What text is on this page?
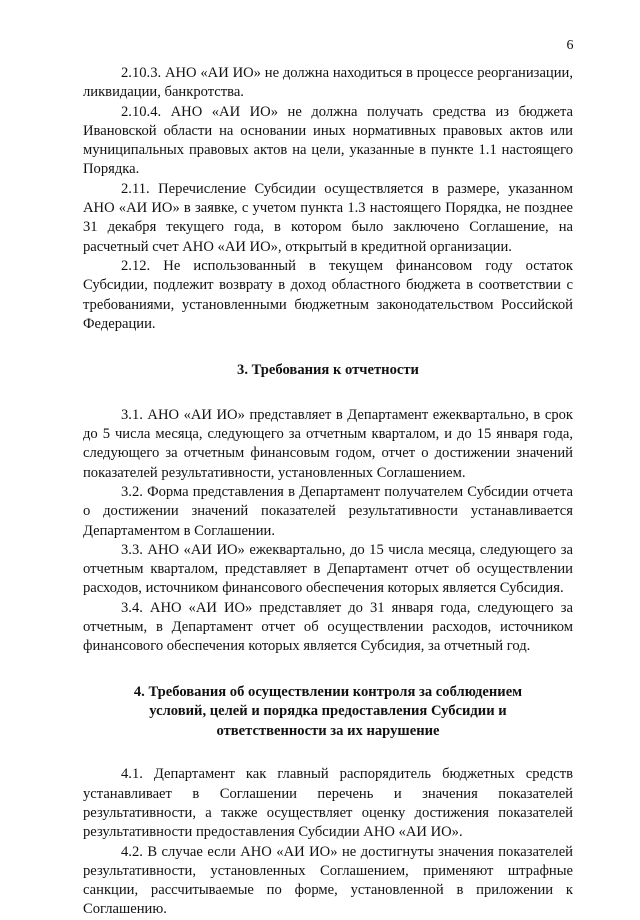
6

2.10.3. АНО «АИ ИО» не должна находиться в процессе реорганизации, ликвидации, банкротства.

2.10.4. АНО «АИ ИО» не должна получать средства из бюджета Ивановской области на основании иных нормативных правовых актов или муниципальных правовых актов на цели, указанные в пункте 1.1 настоящего Порядка.

2.11. Перечисление Субсидии осуществляется в размере, указанном АНО «АИ ИО» в заявке, с учетом пункта 1.3 настоящего Порядка, не позднее 31 декабря текущего года, в котором было заключено Соглашение, на расчетный счет АНО «АИ ИО», открытый в кредитной организации.

2.12. Не использованный в текущем финансовом году остаток Субсидии, подлежит возврату в доход областного бюджета в соответствии с требованиями, установленными бюджетным законодательством Российской Федерации.

3. Требования к отчетности

3.1. АНО «АИ ИО» представляет в Департамент ежеквартально, в срок до 5 числа месяца, следующего за отчетным кварталом, и до 15 января года, следующего за отчетным финансовым годом, отчет о достижении значений показателей результативности, установленных Соглашением.

3.2. Форма представления в Департамент получателем Субсидии отчета о достижении значений показателей результативности устанавливается Департаментом в Соглашении.

3.3. АНО «АИ ИО» ежеквартально, до 15 числа месяца, следующего за отчетным кварталом, представляет в Департамент отчет об осуществлении расходов, источником финансового обеспечения которых является Субсидия.

3.4. АНО «АИ ИО» представляет до 31 января года, следующего за отчетным, в Департамент отчет об осуществлении расходов, источником финансового обеспечения которых является Субсидия, за отчетный год.

4. Требования об осуществлении контроля за соблюдением
условий, целей и порядка предоставления Субсидии и
ответственности за их нарушение

4.1. Департамент как главный распорядитель бюджетных средств устанавливает в Соглашении перечень и значения показателей результативности, а также осуществляет оценку достижения показателей результативности предоставления Субсидии АНО «АИ ИО».

4.2. В случае если АНО «АИ ИО» не достигнуты значения показателей результативности, установленных Соглашением, применяют штрафные санкции, рассчитываемые по форме, установленной в приложении к Соглашению.
